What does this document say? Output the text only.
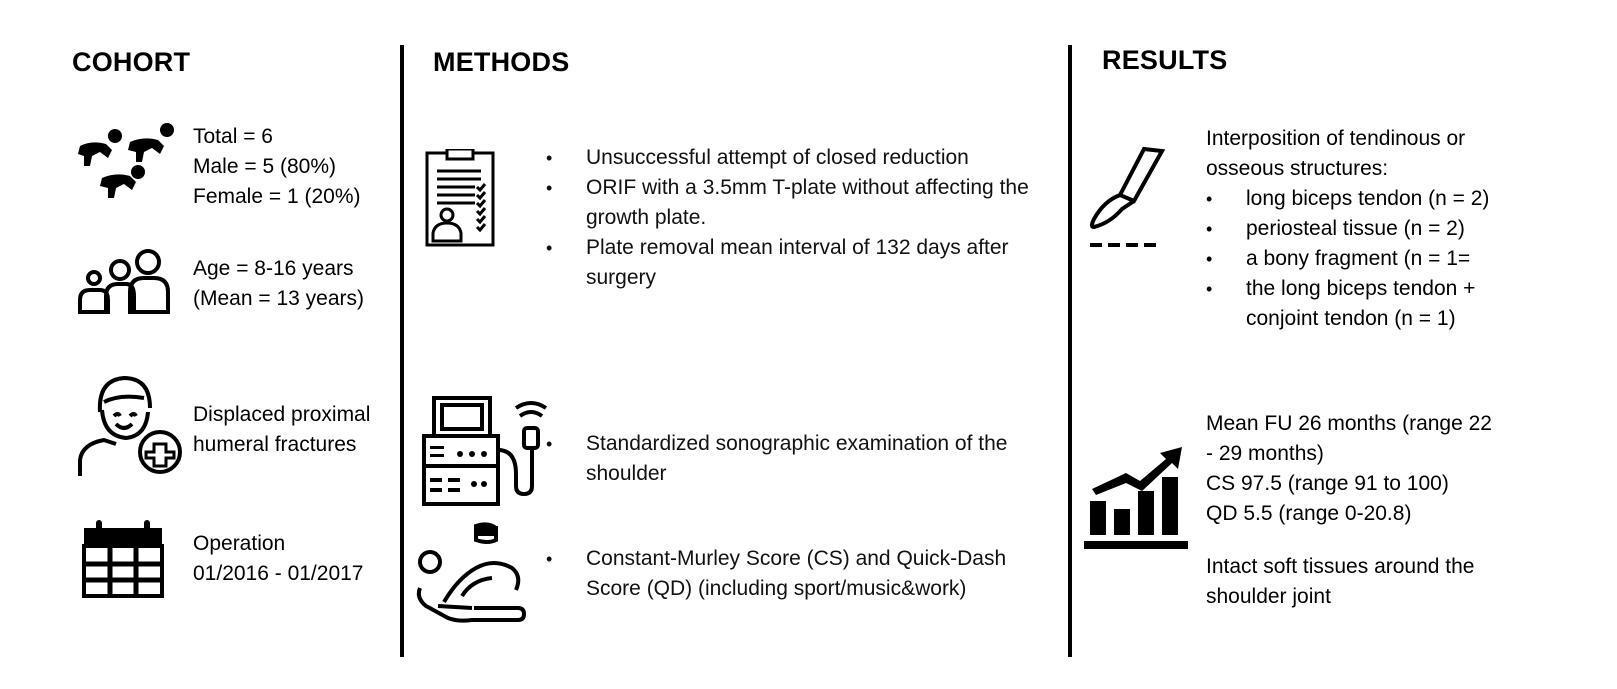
COHORT	METHODS	RESULTS
Total = 6
Male = 5 (80%)
Female = 1 (20%)
Age = 8-16 years
(Mean = 13 years)
Displaced proximal
humeral fractures
Operation
01/2016 - 01/2017
• Unsuccessful attempt of closed reduction
• ORIF with a 3.5mm T-plate without affecting the
growth plate.
• Plate removal mean interval of 132 days after
surgery
• Standardized sonographic examination of the
shoulder
• Constant-Murley Score (CS) and Quick-Dash
Score (QD) (including sport/music&work)
Interposition of tendinous or
osseous structures:
• long biceps tendon (n = 2)
• periosteal tissue (n = 2)
• a bony fragment (n = 1=
• the long biceps tendon +
conjoint tendon (n = 1)
Mean FU 26 months (range 22
- 29 months)
CS 97.5 (range 91 to 100)
QD 5.5 (range 0-20.8)
Intact soft tissues around the
shoulder joint
